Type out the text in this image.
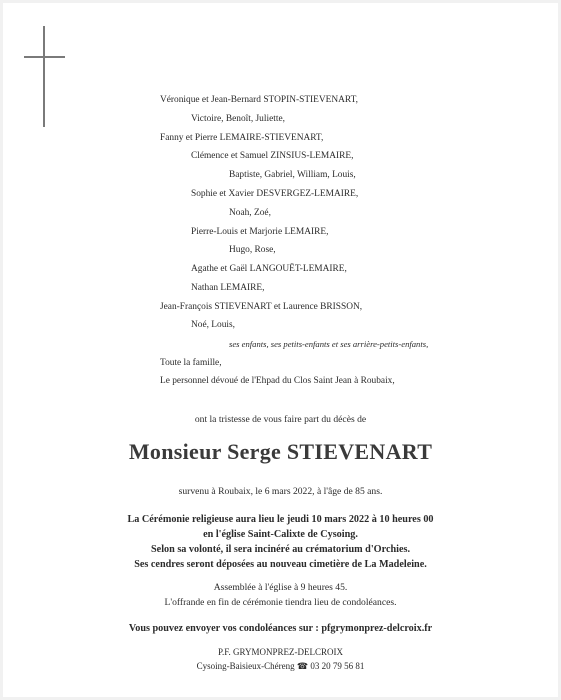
Véronique et Jean-Bernard STOPIN-STIEVENART,
Victoire, Benoît, Juliette,
Fanny et Pierre LEMAIRE-STIEVENART,
Clémence et Samuel ZINSIUS-LEMAIRE,
Baptiste, Gabriel, William, Louis,
Sophie et Xavier DESVERGEZ-LEMAIRE,
Noah, Zoé,
Pierre-Louis et Marjorie LEMAIRE,
Hugo, Rose,
Agathe et Gaël LANGOUËT-LEMAIRE,
Nathan LEMAIRE,
Jean-François STIEVENART et Laurence BRISSON,
Noé, Louis,
ses enfants, ses petits-enfants et ses arrière-petits-enfants,
Toute la famille,
Le personnel dévoué de l'Ehpad du Clos Saint Jean à Roubaix,
ont la tristesse de vous faire part du décès de
Monsieur Serge STIEVENART
survenu à Roubaix, le 6 mars 2022, à l'âge de 85 ans.
La Cérémonie religieuse aura lieu le jeudi 10 mars 2022 à 10 heures 00
en l'église Saint-Calixte de Cysoing.
Selon sa volonté, il sera incinéré au crématorium d'Orchies.
Ses cendres seront déposées au nouveau cimetière de La Madeleine.
Assemblée à l'église à 9 heures 45.
L'offrande en fin de cérémonie tiendra lieu de condoléances.
Vous pouvez envoyer vos condoléances sur : pfgrymonprez-delcroix.fr
P.F. GRYMONPREZ-DELCROIX
Cysoing-Baisieux-Chéreng ☎ 03 20 79 56 81
